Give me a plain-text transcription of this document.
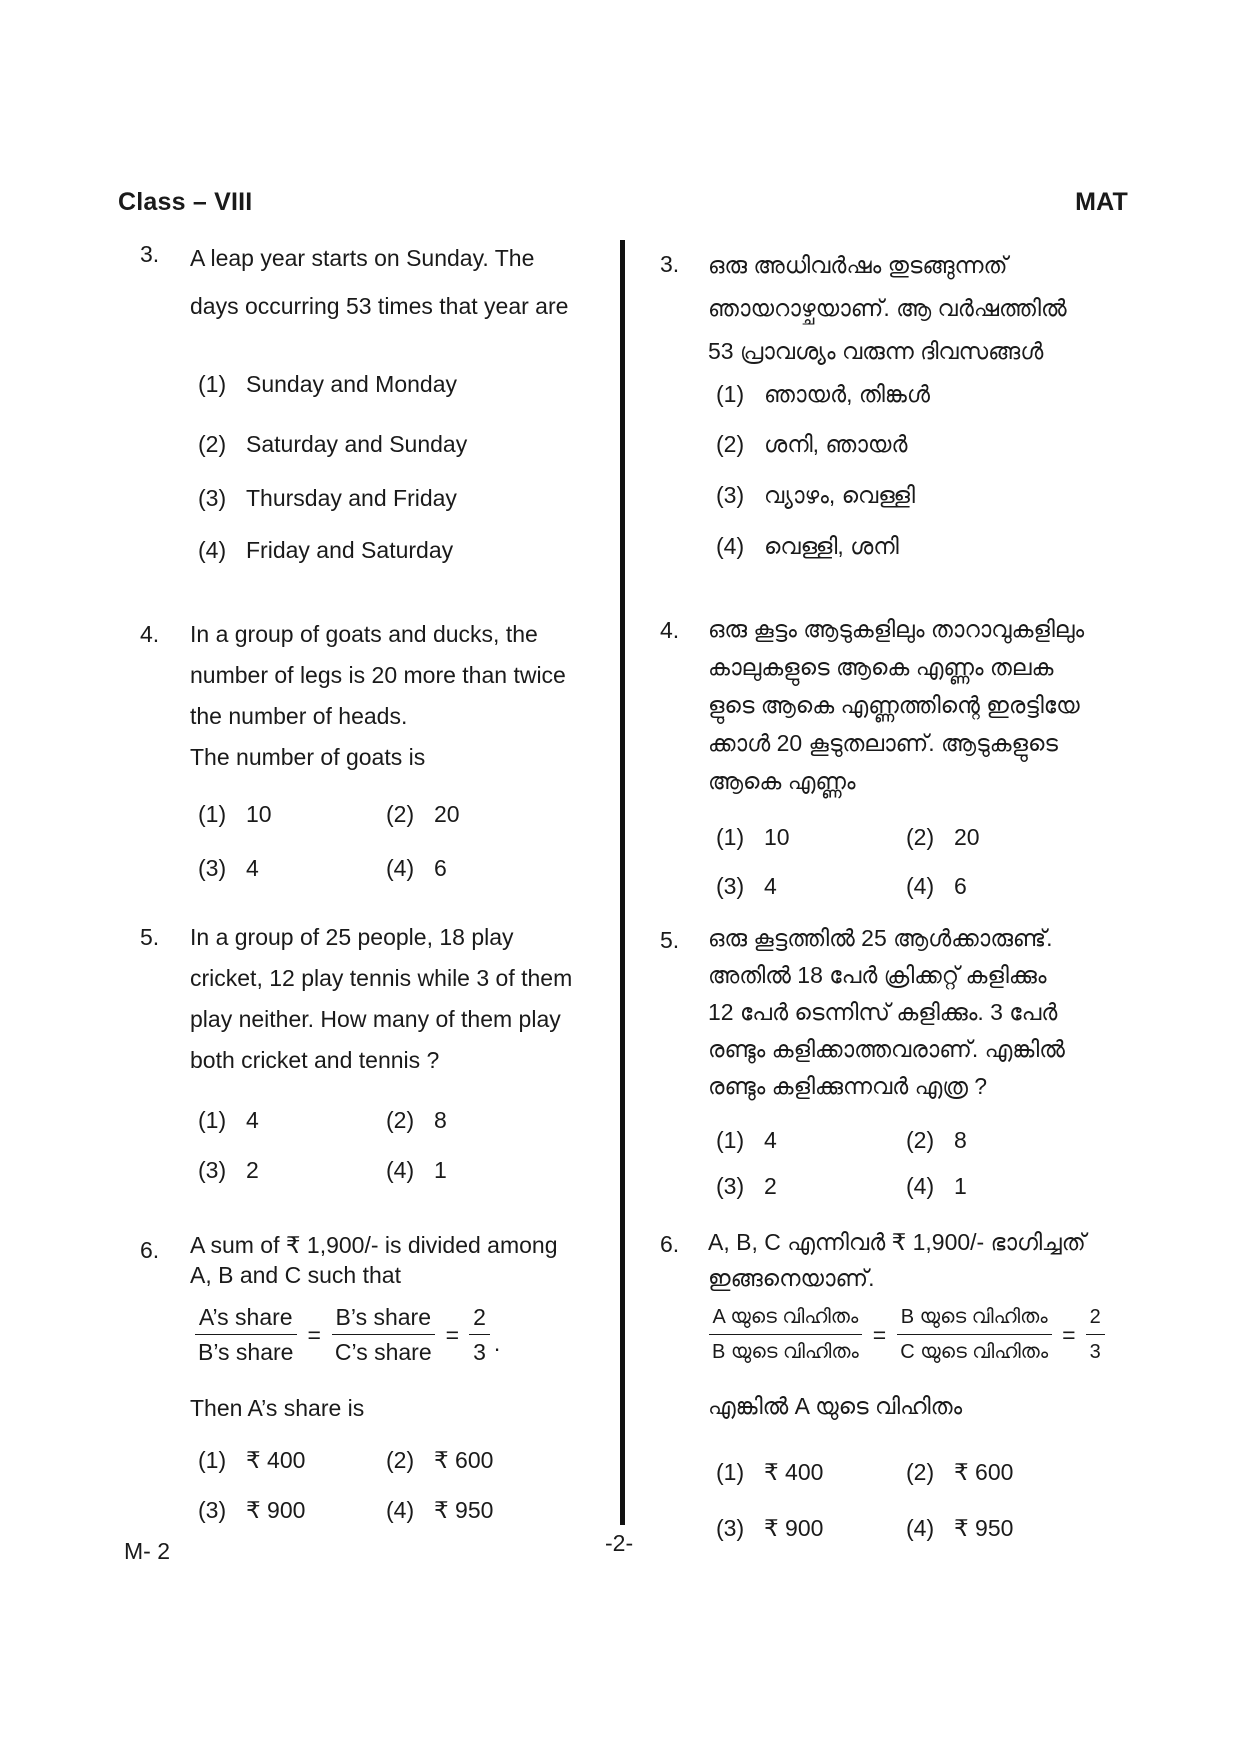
Class – VIII	MAT
3. A leap year starts on Sunday. The
days occurring 53 times that year are
(1) Sunday and Monday
(2) Saturday and Sunday
(3) Thursday and Friday
(4) Friday and Saturday
4. In a group of goats and ducks, the
number of legs is 20 more than twice
the number of heads.
The number of goats is
(1) 10	(2) 20
(3) 4	(4) 6
5. In a group of 25 people, 18 play
cricket, 12 play tennis while 3 of them
play neither. How many of them play
both cricket and tennis ?
(1) 4	(2) 8
(3) 2	(4) 1
6. A sum of ₹ 1,900/- is divided among
A, B and C such that
$\frac{\text{A’s share}}{\text{B’s share}} = \frac{\text{B’s share}}{\text{C’s share}} = \frac{2}{3}$ .
Then A’s share is
(1) ₹ 400	(2) ₹ 600
(3) ₹ 900	(4) ₹ 950
3. ഒരു അധിവർഷം തുടങ്ങുന്നത്
ഞായറാഴ്ചയാണ്. ആ വർഷത്തിൽ
53 പ്രാവശ്യം വരുന്ന ദിവസങ്ങൾ
(1) ഞായർ, തിങ്കൾ
(2) ശനി, ഞായർ
(3) വ്യാഴം, വെള്ളി
(4) വെള്ളി, ശനി
4. ഒരു കൂട്ടം ആടുകളിലും താറാവുകളിലും
കാലുകളുടെ ആകെ എണ്ണം തലക
ളുടെ ആകെ എണ്ണത്തിന്റെ ഇരട്ടിയേ
ക്കാൾ 20 കൂടുതലാണ്. ആടുകളുടെ
ആകെ എണ്ണം
(1) 10	(2) 20
(3) 4	(4) 6
5. ഒരു കൂട്ടത്തിൽ 25 ആൾക്കാരുണ്ട്.
അതിൽ 18 പേർ ക്രിക്കറ്റ് കളിക്കും
12 പേർ ടെന്നിസ് കളിക്കും. 3 പേർ
രണ്ടും കളിക്കാത്തവരാണ്. എങ്കിൽ
രണ്ടും കളിക്കുന്നവർ എത്ര ?
(1) 4	(2) 8
(3) 2	(4) 1
6. A, B, C എന്നിവർ ₹ 1,900/- ഭാഗിച്ചത്
ഇങ്ങനെയാണ്.
$\frac{\text{A യുടെ വിഹിതം}}{\text{B യുടെ വിഹിതം}} = \frac{\text{B യുടെ വിഹിതം}}{\text{C യുടെ വിഹിതം}} = \frac{2}{3}$
എങ്കിൽ A യുടെ വിഹിതം
(1) ₹ 400	(2) ₹ 600
(3) ₹ 900	(4) ₹ 950
M- 2	-2-
